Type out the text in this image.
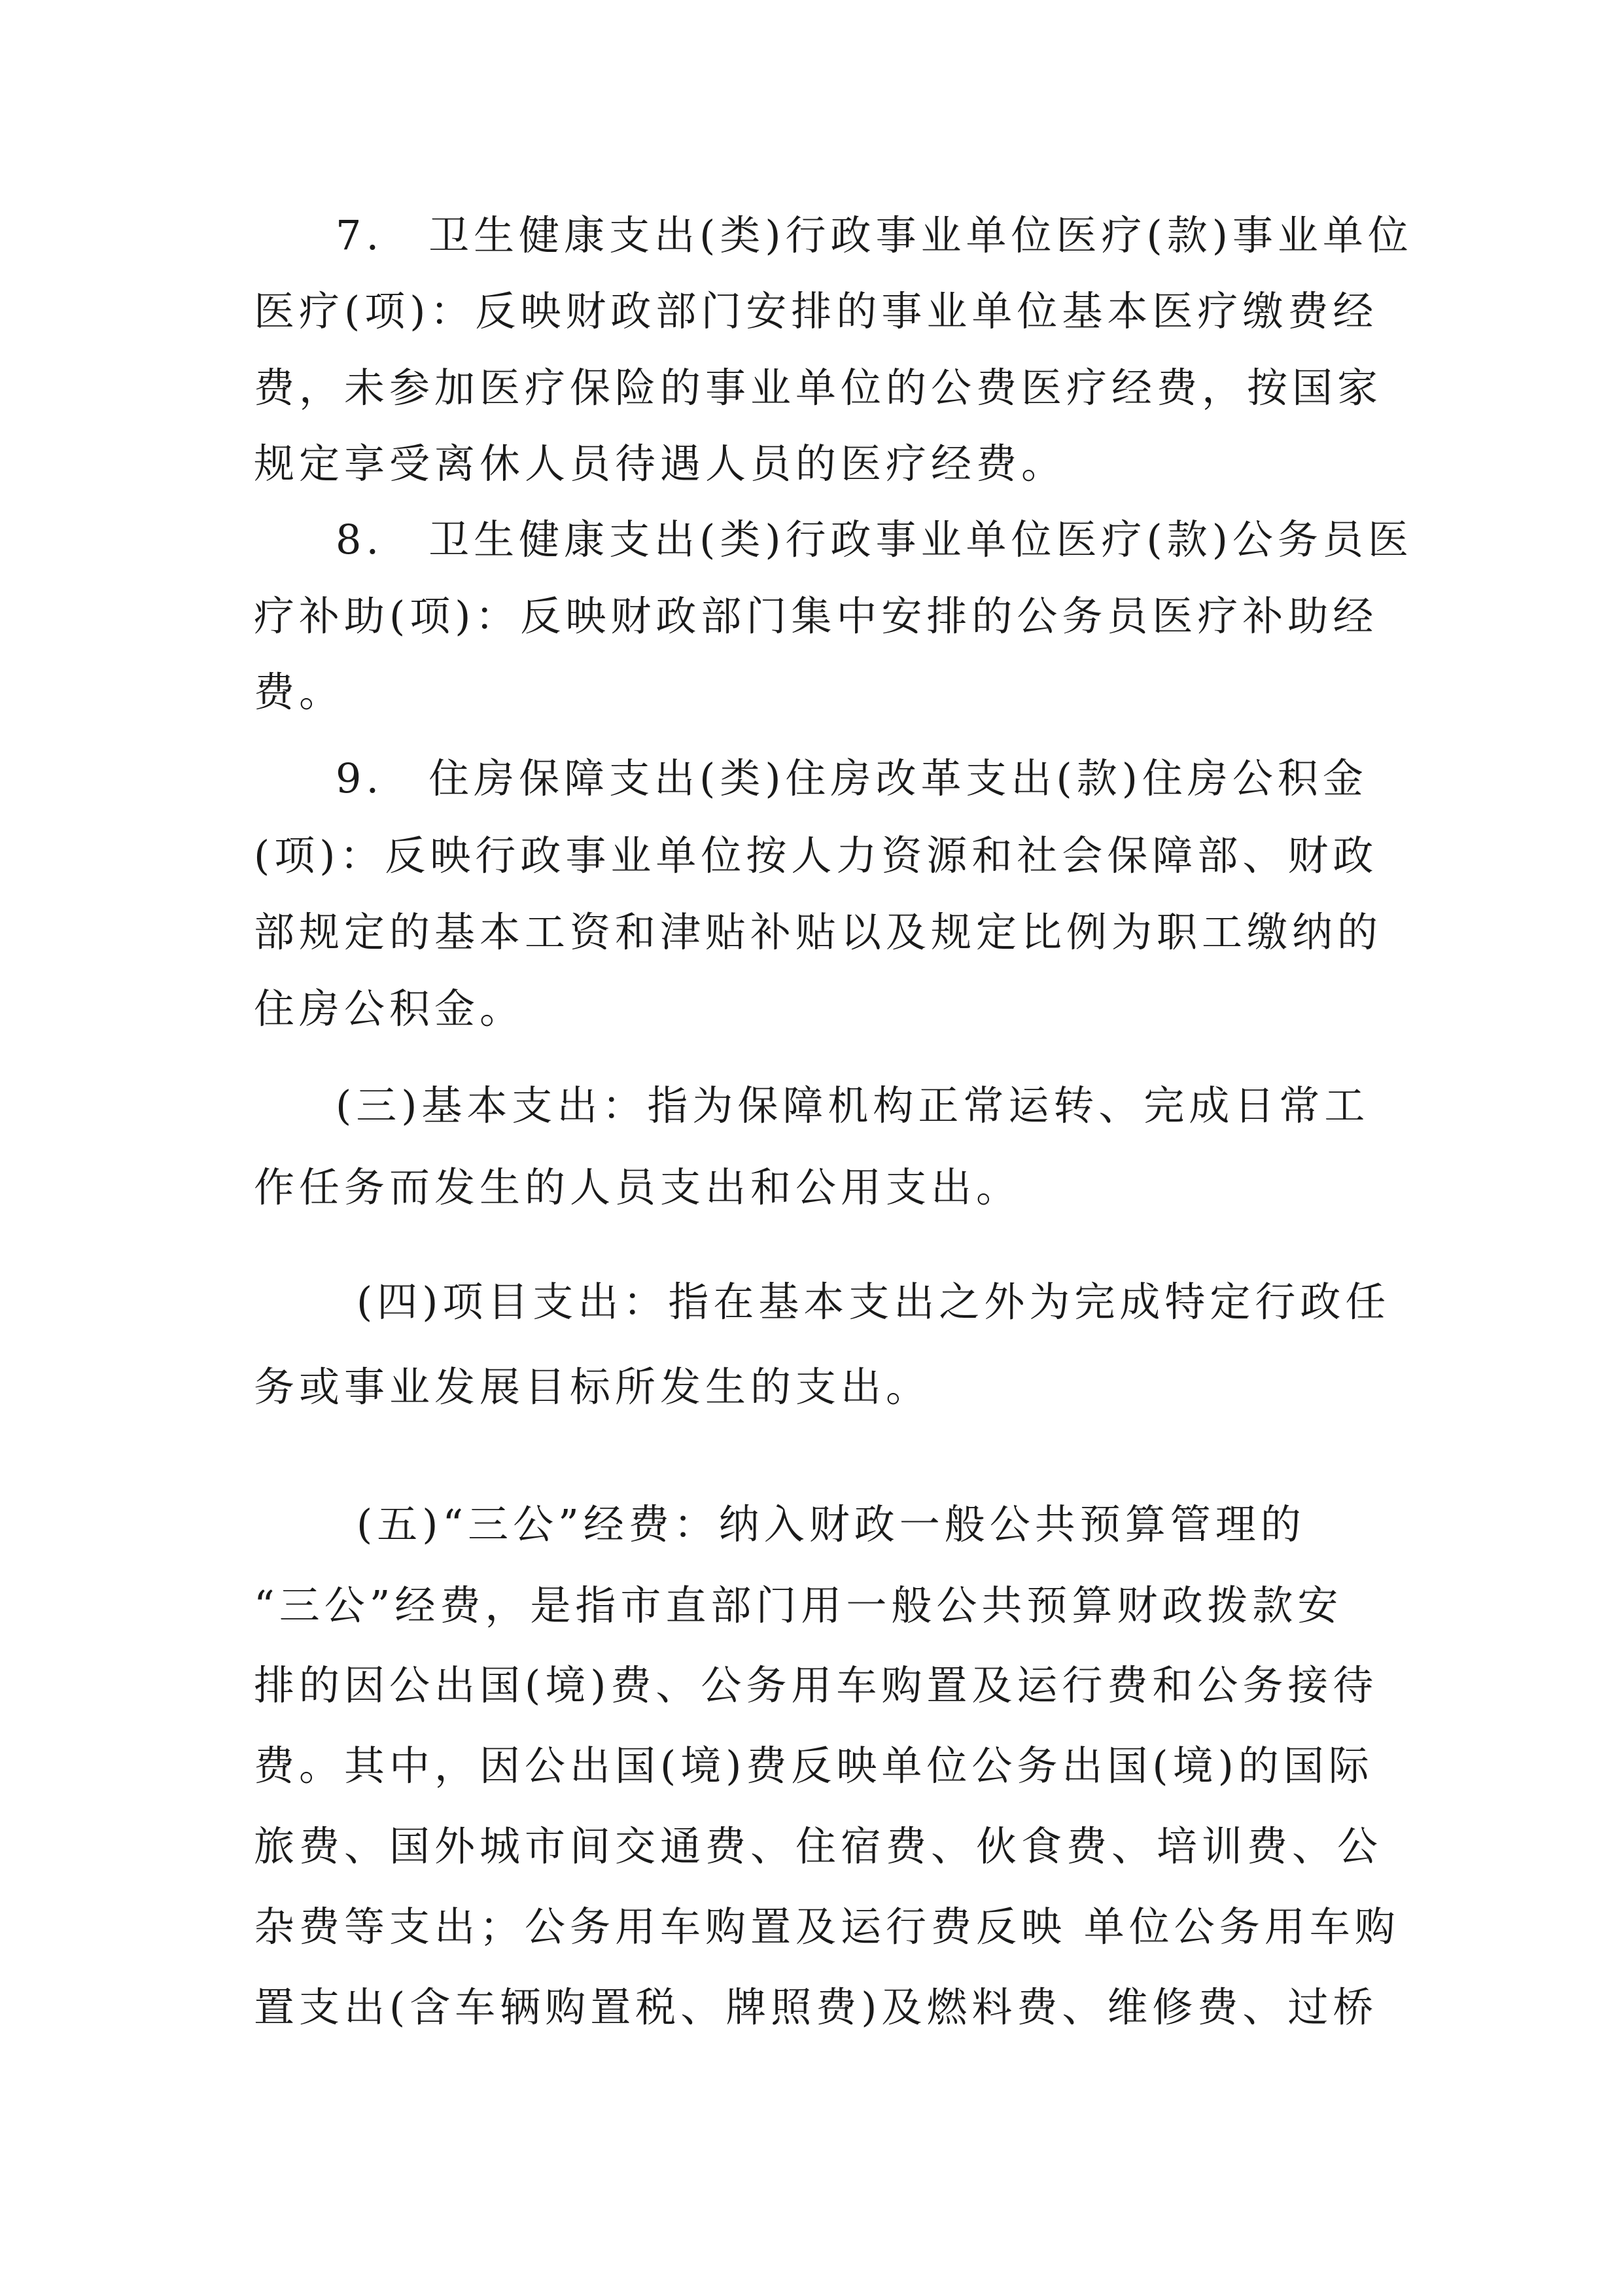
7.　卫生健康支出(类)行政事业单位医疗(款)事业单位

医疗(项)：反映财政部门安排的事业单位基本医疗缴费经

费，未参加医疗保险的事业单位的公费医疗经费，按国家

规定享受离休人员待遇人员的医疗经费。

8.　卫生健康支出(类)行政事业单位医疗(款)公务员医

疗补助(项)：反映财政部门集中安排的公务员医疗补助经

费。

9.　住房保障支出(类)住房改革支出(款)住房公积金

(项)：反映行政事业单位按人力资源和社会保障部、财政

部规定的基本工资和津贴补贴以及规定比例为职工缴纳的

住房公积金。

(三)基本支出：指为保障机构正常运转、完成日常工

作任务而发生的人员支出和公用支出。

(四)项目支出：指在基本支出之外为完成特定行政任

务或事业发展目标所发生的支出。

(五)“三公”经费：纳入财政一般公共预算管理的

“三公”经费，是指市直部门用一般公共预算财政拨款安

排的因公出国(境)费、公务用车购置及运行费和公务接待

费。其中，因公出国(境)费反映单位公务出国(境)的国际

旅费、国外城市间交通费、住宿费、伙食费、培训费、公

杂费等支出；公务用车购置及运行费反映 单位公务用车购

置支出(含车辆购置税、牌照费)及燃料费、维修费、过桥
